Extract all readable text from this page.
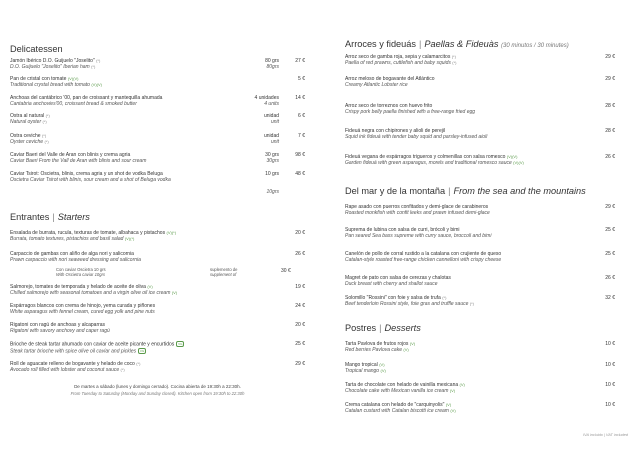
Delicatessen
Jamón Ibérico D.O. Guijuelo "Joselito" (*)
D.O. Guijuelo "Joselito" Iberian ham (*)
80 grs
80grs
27 €
Pan de cristal con tomate (V)(V)
Traditional crystal bread with tomato (V)(V)
5 €
Anchoas del cantábrico '00, pan de croissant y mantequilla ahumada
Cantabria anchovies'00, croissant bread & smoked butter
4 unidades
4 units
14 €
Ostra al natural (*)
Natural oyster (*)
unidad
unit
6 €
Ostra ceviche (*)
Oyster ceviche (*)
unidad
unit
7 €
Caviar Baeri del Valle de Aran con blinis y crema agria
Caviar Baeri From the Vall de Aran with blinis and sour cream
30 grs
30grs
98 €
Caviar Tsirot: Oscietra, blinis, crema agria y un shot de vodka Beluga
Oscietra Caviar Tsirot with blinis, sour cream and a shot of Beluga vodka
10 grs
10grs
48 €
Entrantes | Starters
Ensalada de burrata, rucula, texturas de tomate, albahaca y pistachos (V)(*)
Burrata, tomato textures, pistachios and basil salad (V)(*)
20 €
Carpaccio de gambas con aliño de alga nori y salicornia
Prawn carpaccio with nori seaweed dressing and salicornia
26 €
Con caviar Oscietra 10 grs
With Oscietra caviar 10grs
suplemento de
supplement of
30 €
Salmorejo, tomates de temporada y helado de aceite de oliva (V)
Chilled salmorejo with seasonal tomatoes and a virgin olive oil ice cream (V)
19 €
Espárragos blancos con crema de hinojo, yema curada y piñones
White asparagus with fennel cream, cured egg yolk and pine nuts
24 €
Rigatoni con ragú de anchoas y alcaparras
Rigatoni with savory anchovy and caper ragú
20 €
Brioche de steak tartar ahumado con caviar de aceite picante y encurtidos VG
Steak tartar brioche with spice olive oil caviar and pickles VG
25 €
Roll de aguacate relleno de bogavante y helado de coco (*)
Avocado roll filled with lobster and coconut sauce (*)
29 €
De martes a sábado (lunes y domingo cerrado). Cocina abierta de 19:30h a 22:30h.
From Tuesday to Saturday (Monday and Sunday closed). Kitchen open from 19:30h to 22:30h
Arroces y fideuás | Paellas & Fideuàs (30 minutos / 30 minutes)
Arroz seco de gamba roja, sepia y calamarcitos (*)
Paella of red prawns, cuttlefish and baby squids (*)
29 €
Arroz meloso de bogavante del Atlántico
Creamy Atlantic Lobster rice
29 €
Arroz seco de torreznos con huevo frito
Crispy pork belly paella finished with a free-range fried egg
28 €
Fideuá negra con chipirones y alioli de perejil
Squid ink fideuá with tender baby squid and parsley-infused aioli
28 €
Fideuá vegana de espárragos trigueros y colmenillas con salsa romesco (V)(V)
Garden fideuá with green asparagus, morels and traditional romesco sauce (V)(V)
26 €
Del mar y de la montaña | From the sea and the mountains
Rape asado con puerros confitados y demi-glace de carabineros
Roasted monkfish with confit leeks and prawn infused demi-glace
29 €
Suprema de lubina con salsa de curri, brócoli y bimi
Pan seared Sea bass supreme with curry sauce, broccoli and bimi
25 €
Canelón de pollo de corral rustido a la catalana con crujiente de queso
Catalan-style roasted free-range chicken cannelloni with crispy cheese
25 €
Magret de pato con salsa de cerezas y chalotas
Duck breast with cherry and shallot sauce
26 €
Solomillo "Rossini" con foie y salsa de trufa (*)
Beef tenderloin Rossini style, foie gras and truffle sauce (*)
32 €
Postres | Desserts
Tarta Pavlova de frutos rojos (V)
Red berries Pavlova cake (V)
10 €
Mango tropical (V)
Tropical mango (V)
10 €
Tarta de chocolate con helado de vainilla mexicana (V)
Chocolate cake with Mexican vanilla ice cream (V)
10 €
Crema catalana con helado de "carquinyolis" (V)
Catalan custard with Catalan biscotti ice cream (V)
10 €
IVA incluido | VAT included
